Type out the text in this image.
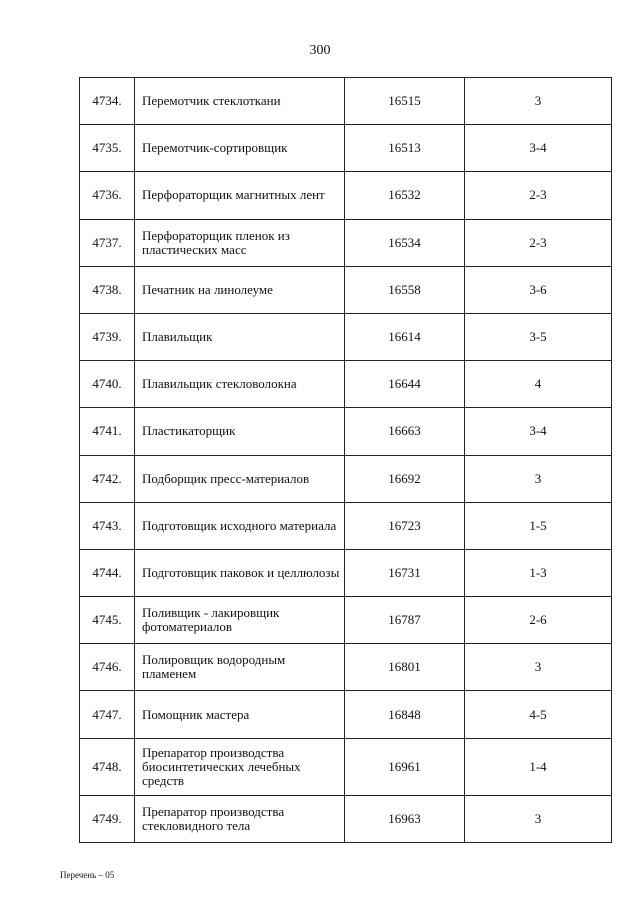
300
4734.	Перемотчик стеклоткани	16515	3
4735.	Перемотчик-сортировщик	16513	3-4
4736.	Перфораторщик магнитных лент	16532	2-3
4737.	Перфораторщик пленок из пластических масс	16534	2-3
4738.	Печатник на линолеуме	16558	3-6
4739.	Плавильщик	16614	3-5
4740.	Плавильщик стекловолокна	16644	4
4741.	Пластикаторщик	16663	3-4
4742.	Подборщик пресс-материалов	16692	3
4743.	Подготовщик исходного материала	16723	1-5
4744.	Подготовщик паковок и целлюлозы	16731	1-3
4745.	Поливщик - лакировщик фотоматериалов	16787	2-6
4746.	Полировщик водородным пламенем	16801	3
4747.	Помощник мастера	16848	4-5
4748.	Препаратор производства биосинтетических лечебных средств	16961	1-4
4749.	Препаратор производства стекловидного тела	16963	3
Перечень – 05
